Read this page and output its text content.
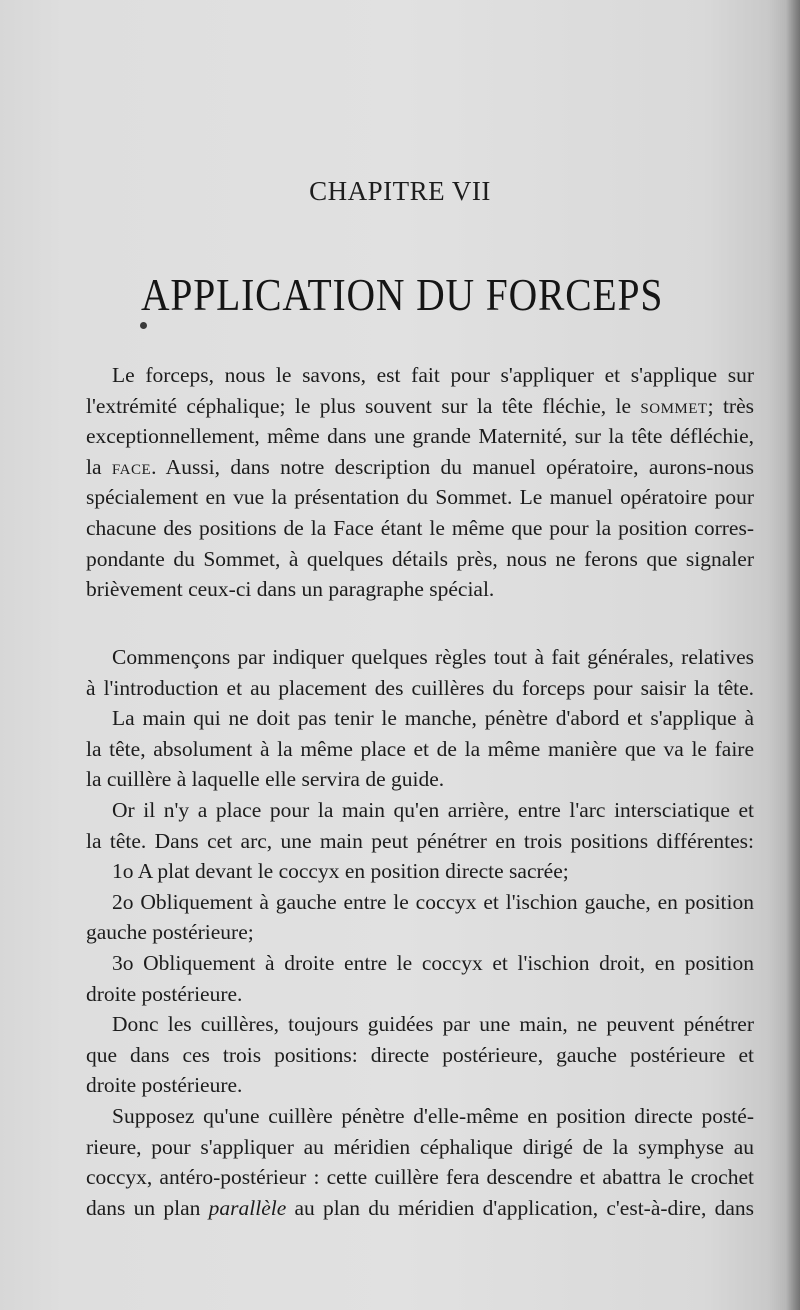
CHAPITRE VII
APPLICATION DU FORCEPS
Le forceps, nous le savons, est fait pour s'appliquer et s'applique sur
l'extrémité céphalique; le plus souvent sur la tête fléchie, le sommet; très
exceptionnellement, même dans une grande Maternité, sur la tête défléchie,
la face. Aussi, dans notre description du manuel opératoire, aurons-nous
spécialement en vue la présentation du Sommet. Le manuel opératoire pour
chacune des positions de la Face étant le même que pour la position corres-
pondante du Sommet, à quelques détails près, nous ne ferons que signaler
brièvement ceux-ci dans un paragraphe spécial.
Commençons par indiquer quelques règles tout à fait générales, relatives
à l'introduction et au placement des cuillères du forceps pour saisir la tête.
La main qui ne doit pas tenir le manche, pénètre d'abord et s'applique à
la tête, absolument à la même place et de la même manière que va le faire
la cuillère à laquelle elle servira de guide.
Or il n'y a place pour la main qu'en arrière, entre l'arc intersciatique et
la tête. Dans cet arc, une main peut pénétrer en trois positions différentes:
1o A plat devant le coccyx en position directe sacrée;
2o Obliquement à gauche entre le coccyx et l'ischion gauche, en position
gauche postérieure;
3o Obliquement à droite entre le coccyx et l'ischion droit, en position
droite postérieure.
Donc les cuillères, toujours guidées par une main, ne peuvent pénétrer
que dans ces trois positions: directe postérieure, gauche postérieure et
droite postérieure.
Supposez qu'une cuillère pénètre d'elle-même en position directe posté-
rieure, pour s'appliquer au méridien céphalique dirigé de la symphyse au
coccyx, antéro-postérieur : cette cuillère fera descendre et abattra le crochet
dans un plan parallèle au plan du méridien d'application, c'est-à-dire, dans
